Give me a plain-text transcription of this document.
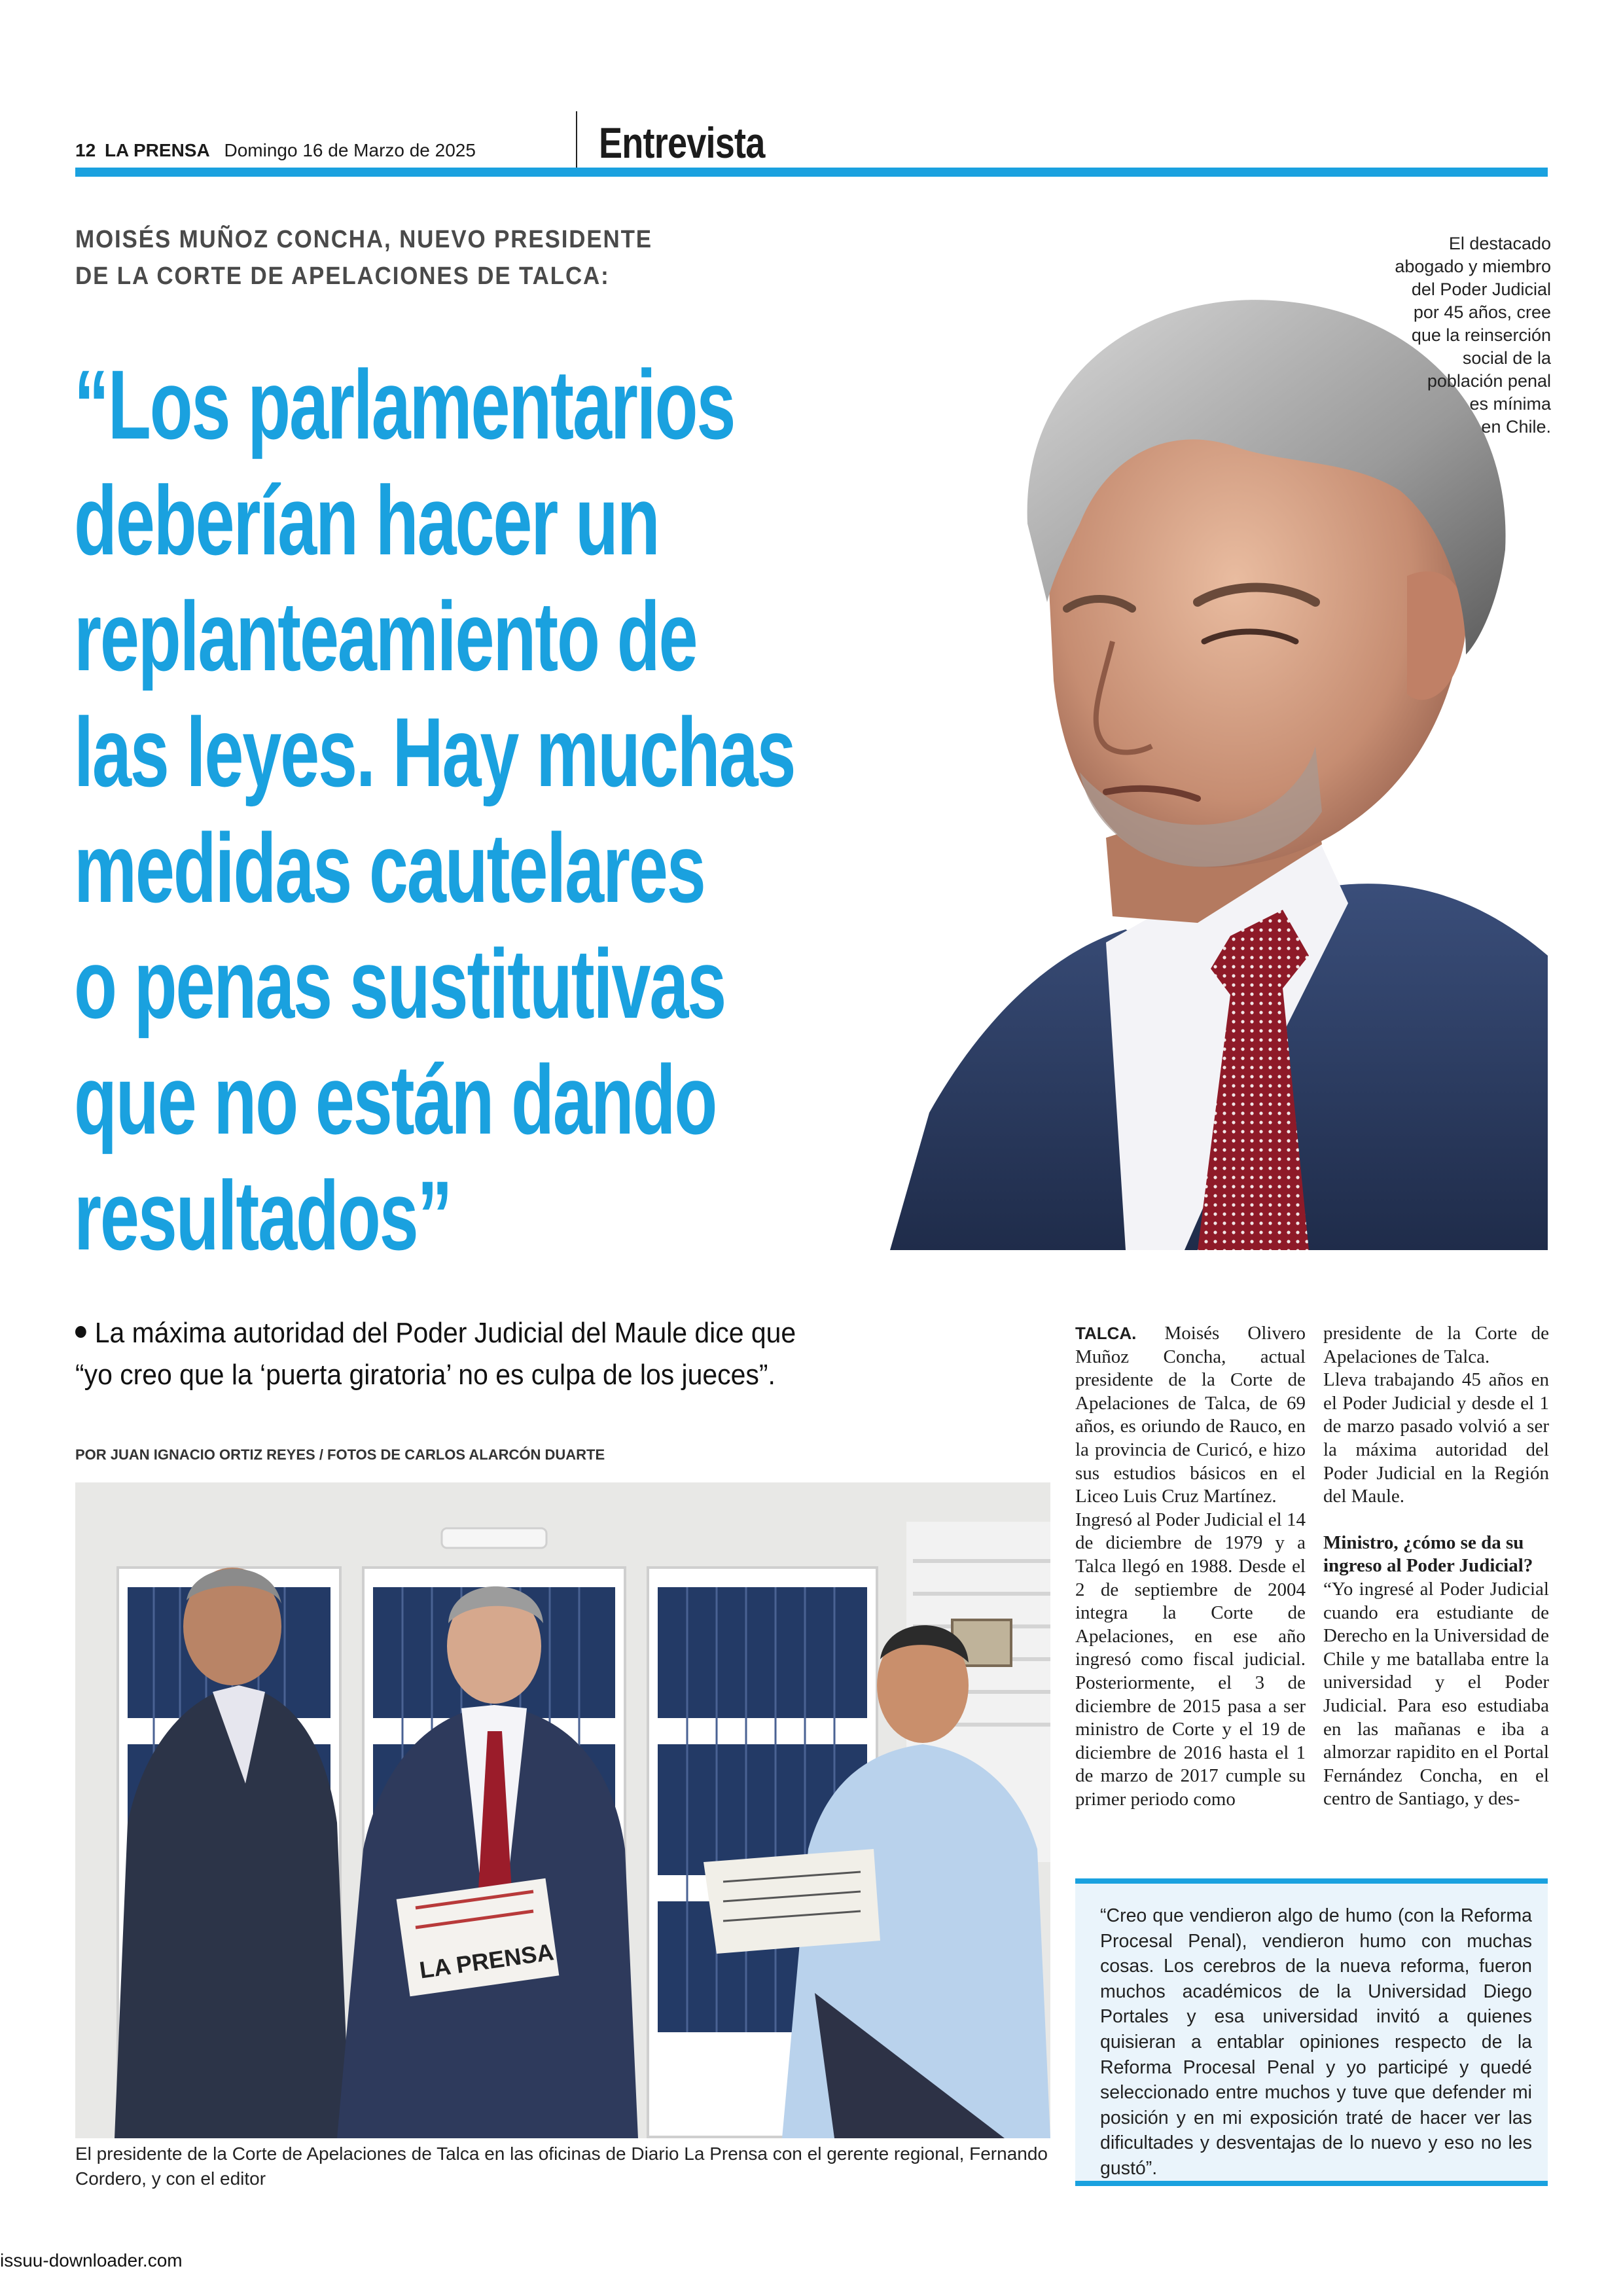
12 LA PRENSA Domingo 16 de Marzo de 2025	Entrevista
MOISÉS MUÑOZ CONCHA, NUEVO PRESIDENTE
DE LA CORTE DE APELACIONES DE TALCA:
El destacado
abogado y miembro
del Poder Judicial
por 45 años, cree
que la reinserción
social de la
población penal
es mínima
en Chile.
“Los parlamentarios
deberían hacer un
replanteamiento de
las leyes. Hay muchas
medidas cautelares
o penas sustitutivas
que no están dando
resultados”
La máxima autoridad del Poder Judicial del Maule dice que
“yo creo que la ‘puerta giratoria’ no es culpa de los jueces”.
POR JUAN IGNACIO ORTIZ REYES / FOTOS DE CARLOS ALARCÓN DUARTE
LA PRENSA
El presidente de la Corte de Apelaciones de Talca en las oficinas de Diario La Prensa con el gerente regional, Fernando Cordero, y con el editor

TALCA. Moisés Olivero Muñoz Concha, actual presidente de la Corte de Apelaciones de Talca, de 69 años, es oriundo de Rauco, en la provincia de Curicó, e hizo sus estudios básicos en el Liceo Luis Cruz Martínez.

Ingresó al Poder Judicial el 14 de diciembre de 1979 y a Talca llegó en 1988. Desde el 2 de septiembre de 2004 integra la Corte de Apelaciones, en ese año ingresó como fiscal judicial. Posteriormente, el 3 de diciembre de 2015 pasa a ser ministro de Corte y el 19 de diciembre de 2016 hasta el 1 de marzo de 2017 cumple su primer periodo como

presidente de la Corte de Apelaciones de Talca.

Lleva trabajando 45 años en el Poder Judicial y desde el 1 de marzo pasado volvió a ser la máxima autoridad del Poder Judicial en la Región del Maule.

Ministro, ¿cómo se da su ingreso al Poder Judicial?

“Yo ingresé al Poder Judicial cuando era estudiante de Derecho en la Universidad de Chile y me batallaba entre la universidad y el Poder Judicial. Para eso estudiaba en las mañanas e iba a almorzar rapidito en el Portal Fernández Concha, en el centro de Santiago, y des-

“Creo que vendieron algo de humo (con la Reforma Procesal Penal), vendieron humo con muchas cosas. Los cerebros de la nueva reforma, fueron muchos académicos de la Universidad Diego Portales y esa universidad invitó a quienes quisieran a entablar opiniones respecto de la Reforma Procesal Penal y yo participé y quedé seleccionado entre muchos y tuve que defender mi posición y en mi exposición traté de hacer ver las dificultades y desventajas de lo nuevo y eso no les gustó”.

issuu-downloader.com
